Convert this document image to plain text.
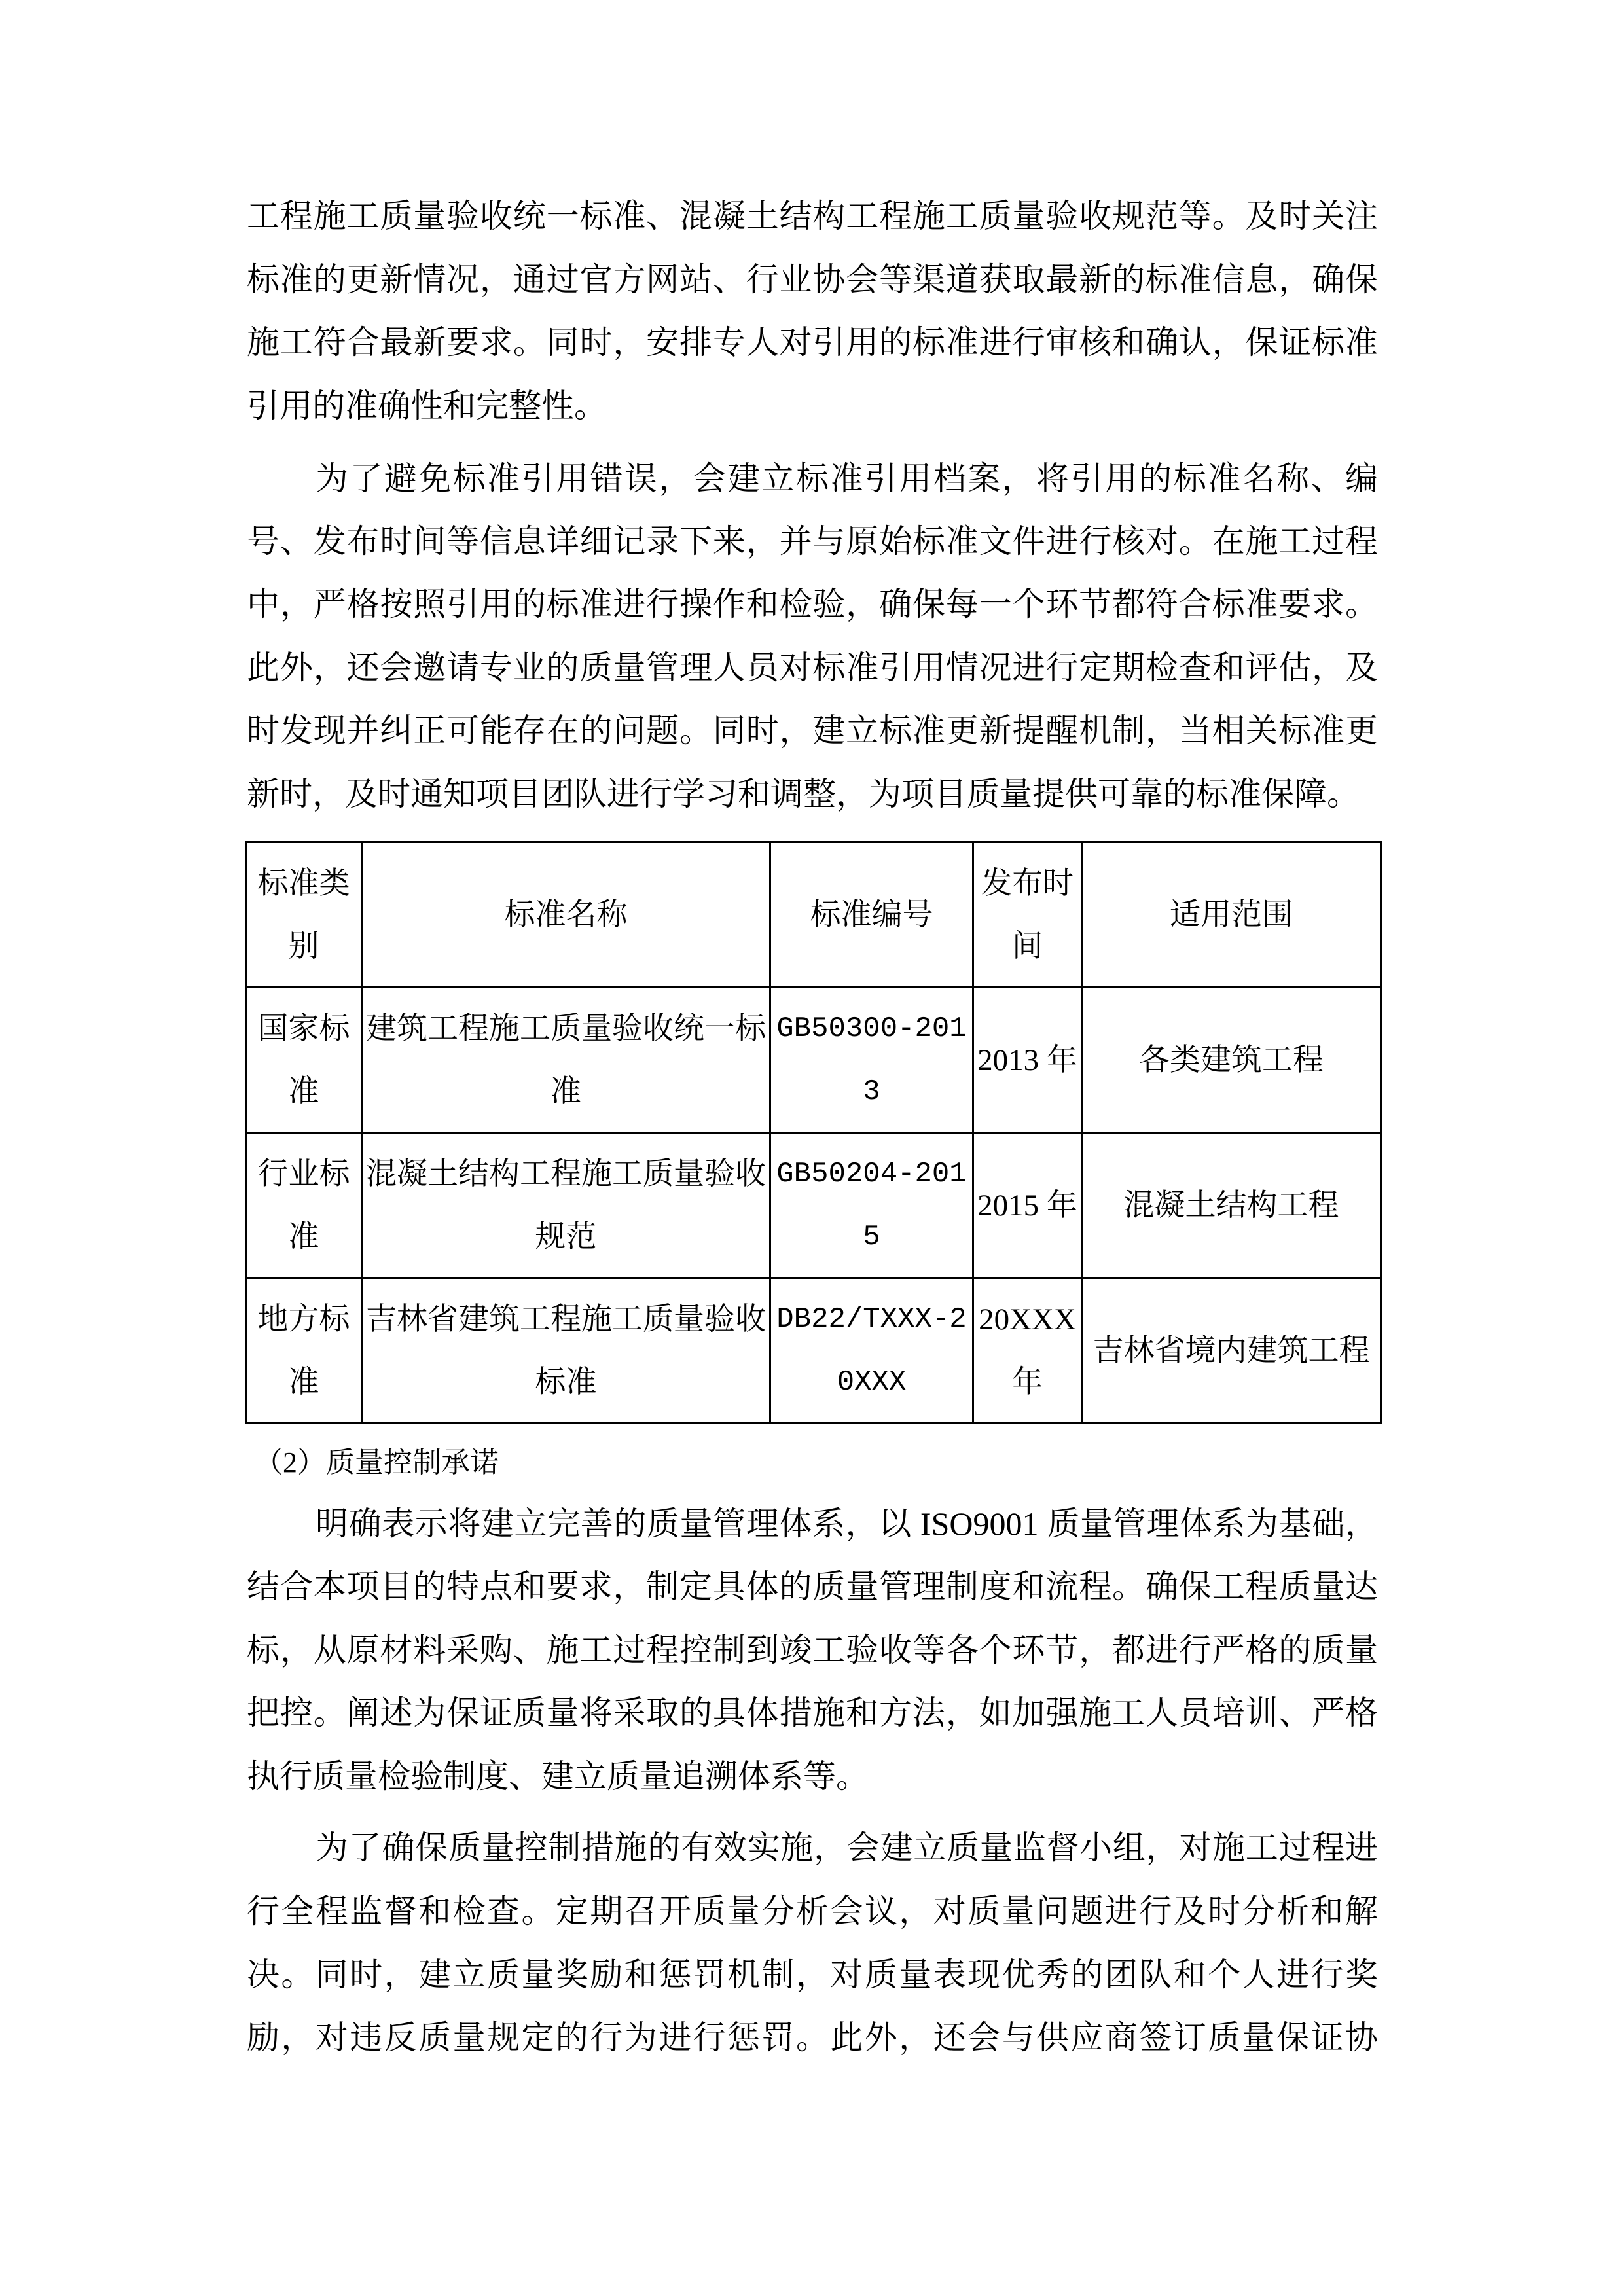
工程施工质量验收统一标准、混凝土结构工程施工质量验收规范等。及时关注
标准的更新情况，通过官方网站、行业协会等渠道获取最新的标准信息，确保
施工符合最新要求。同时，安排专人对引用的标准进行审核和确认，保证标准
引用的准确性和完整性。
为了避免标准引用错误，会建立标准引用档案，将引用的标准名称、编
号、发布时间等信息详细记录下来，并与原始标准文件进行核对。在施工过程
中，严格按照引用的标准进行操作和检验，确保每一个环节都符合标准要求。
此外，还会邀请专业的质量管理人员对标准引用情况进行定期检查和评估，及
时发现并纠正可能存在的问题。同时，建立标准更新提醒机制，当相关标准更
新时，及时通知项目团队进行学习和调整，为项目质量提供可靠的标准保障。
标准类别	标准名称	标准编号	发布时间	适用范围
国家标准	建筑工程施工质量验收统一标准	GB50300-2013	2013 年	各类建筑工程
行业标准	混凝土结构工程施工质量验收规范	GB50204-2015	2015 年	混凝土结构工程
地方标准	吉林省建筑工程施工质量验收标准	DB22/TXXX-20XXX	20XXX 年	吉林省境内建筑工程
（2）质量控制承诺
明确表示将建立完善的质量管理体系，以 ISO9001 质量管理体系为基础，
结合本项目的特点和要求，制定具体的质量管理制度和流程。确保工程质量达
标，从原材料采购、施工过程控制到竣工验收等各个环节，都进行严格的质量
把控。阐述为保证质量将采取的具体措施和方法，如加强施工人员培训、严格
执行质量检验制度、建立质量追溯体系等。
为了确保质量控制措施的有效实施，会建立质量监督小组，对施工过程进
行全程监督和检查。定期召开质量分析会议，对质量问题进行及时分析和解
决。同时，建立质量奖励和惩罚机制，对质量表现优秀的团队和个人进行奖
励，对违反质量规定的行为进行惩罚。此外，还会与供应商签订质量保证协
